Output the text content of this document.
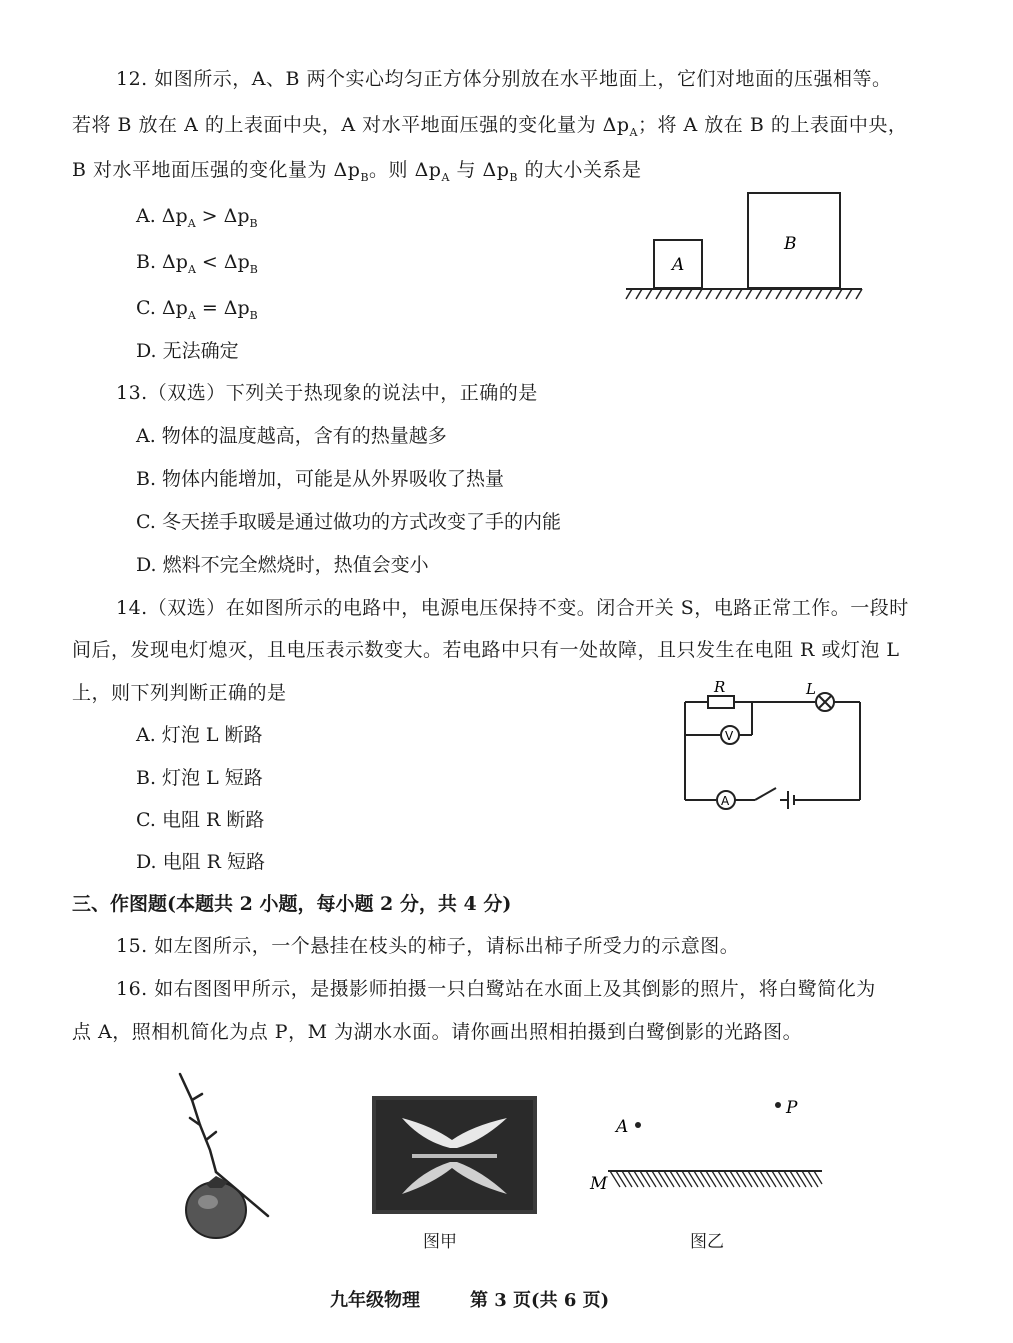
12. 如图所示，A、B 两个实心均匀正方体分别放在水平地面上，它们对地面的压强相等。
若将 B 放在 A 的上表面中央，A 对水平地面压强的变化量为 $\Delta p_A$；将 A 放在 B 的上表面中央，
B 对水平地面压强的变化量为 $\Delta p_B$。则 $\Delta p_A$ 与 $\Delta p_B$ 的大小关系是
A. $\Delta p_A > \Delta p_B$
B. $\Delta p_A < \Delta p_B$
C. $\Delta p_A = \Delta p_B$
D. 无法确定
A
B
13.（双选）下列关于热现象的说法中，正确的是
A. 物体的温度越高，含有的热量越多
B. 物体内能增加，可能是从外界吸收了热量
C. 冬天搓手取暖是通过做功的方式改变了手的内能
D. 燃料不完全燃烧时，热值会变小
14.（双选）在如图所示的电路中，电源电压保持不变。闭合开关 S，电路正常工作。一段时
间后，发现电灯熄灭，且电压表示数变大。若电路中只有一处故障，且只发生在电阻 R 或灯泡 L
上，则下列判断正确的是
A. 灯泡 L 断路
B. 灯泡 L 短路
C. 电阻 R 断路
D. 电阻 R 短路
R	L
V
A
三、作图题(本题共 2 小题，每小题 2 分，共 4 分)
15. 如左图所示，一个悬挂在枝头的柿子，请标出柿子所受力的示意图。
16. 如右图图甲所示，是摄影师拍摄一只白鹭站在水面上及其倒影的照片，将白鹭简化为
点 A，照相机简化为点 P，M 为湖水水面。请你画出照相拍摄到白鹭倒影的光路图。
图甲
A
P
M
图乙
九年级物理	第 3 页(共 6 页)
